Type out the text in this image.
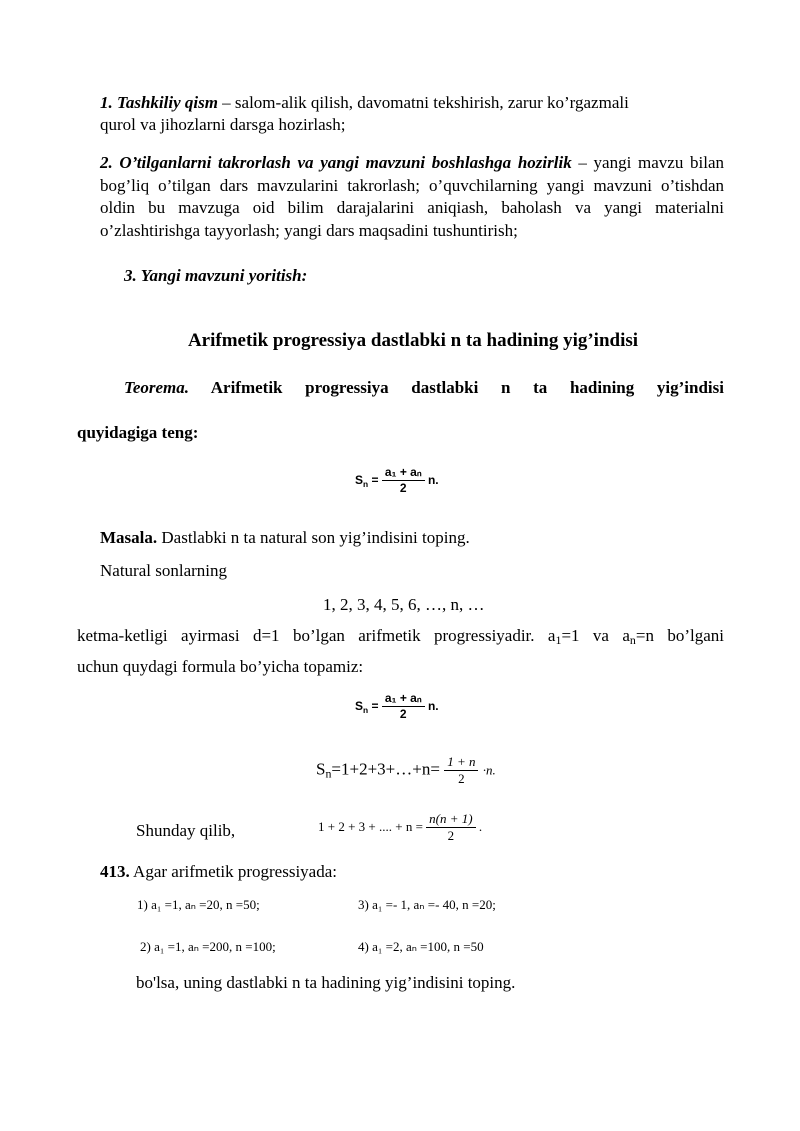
1. Tashkiliy qism – salom-alik qilish, davomatni tekshirish, zarur ko’rgazmali
qurol va jihozlarni darsga hozirlash;
2. O’tilganlarni takrorlash va yangi mavzuni boshlashga hozirlik – yangi mavzu bilan bog’liq o’tilgan dars mavzularini takrorlash; o’quvchilarning yangi mavzuni o’tishdan oldin bu mavzuga oid bilim darajalarini aniqiash, baholash va yangi materialni o’zlashtirishga tayyorlash; yangi dars maqsadini tushuntirish;
3. Yangi mavzuni yoritish:
Arifmetik progressiya dastlabki n ta hadining yig’indisi
Teorema. Arifmetik progressiya dastlabki n ta hadining yig’indisi
quyidagiga teng:
$S_n = \frac{\text{a₁ + aₙ}}{2} n$.
Masala. Dastlabki n ta natural son yig’indisini toping.
Natural sonlarning
1, 2, 3, 4, 5, 6, …, n, …
ketma-ketligi ayirmasi d=1 bo’lgan arifmetik progressiyadir. $a_1=1$ va $a_n=n$ bo’lgani
uchun quydagi formula bo’yicha topamiz:
$S_n = \frac{\text{a₁ + aₙ}}{2} n$.
$S_n=1+2+3+\dots+n= \frac{1 + n}{2} \cdot n$.
Shunday qilib,	1 + 2 + 3 + .... + $n = \frac{n(n + 1)}{2}$ .
413. Agar arifmetik progressiyada:
1) a₁ =1, aₙ =20, n =50;	3) a₁ =- 1, aₙ =- 40, n =20;
2) a₁ =1, aₙ =200, n =100;	4) a₁ =2, aₙ =100, n =50
bo'lsa, uning dastlabki n ta hadining yig’indisini toping.
